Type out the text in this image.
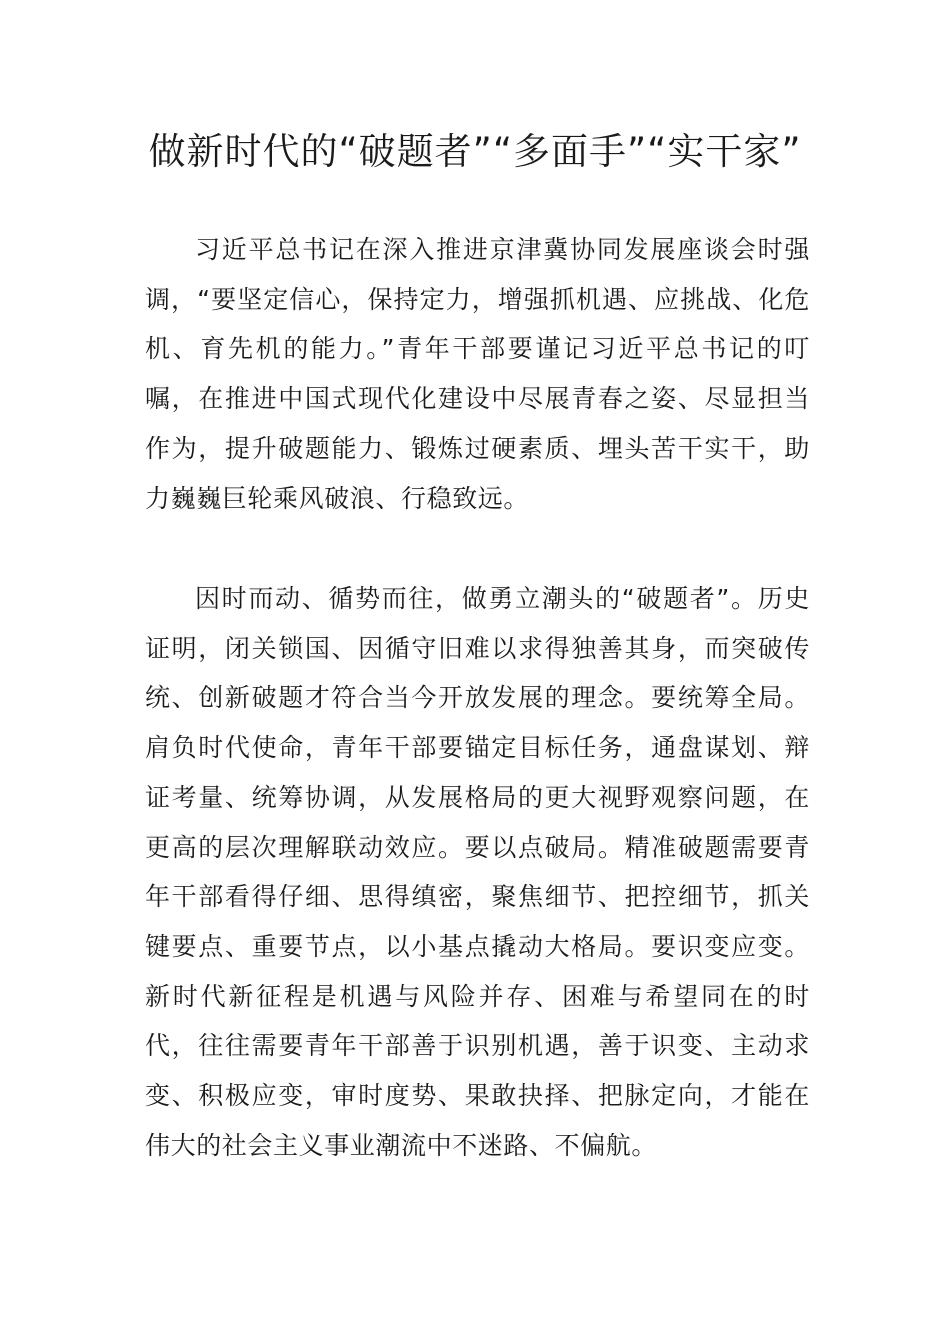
做新时代的“破题者”“多面手”“实干家”

习近平总书记在深入推进京津冀协同发展座谈会时强调，“要坚定信心，保持定力，增强抓机遇、应挑战、化危机、育先机的能力。”青年干部要谨记习近平总书记的叮嘱，在推进中国式现代化建设中尽展青春之姿、尽显担当作为，提升破题能力、锻炼过硬素质、埋头苦干实干，助力巍巍巨轮乘风破浪、行稳致远。

因时而动、循势而往，做勇立潮头的“破题者”。历史证明，闭关锁国、因循守旧难以求得独善其身，而突破传统、创新破题才符合当今开放发展的理念。要统筹全局。肩负时代使命，青年干部要锚定目标任务，通盘谋划、辩证考量、统筹协调，从发展格局的更大视野观察问题，在更高的层次理解联动效应。要以点破局。精准破题需要青年干部看得仔细、思得缜密，聚焦细节、把控细节，抓关键要点、重要节点，以小基点撬动大格局。要识变应变。新时代新征程是机遇与风险并存、困难与希望同在的时代，往往需要青年干部善于识别机遇，善于识变、主动求变、积极应变，审时度势、果敢抉择、把脉定向，才能在伟大的社会主义事业潮流中不迷路、不偏航。
